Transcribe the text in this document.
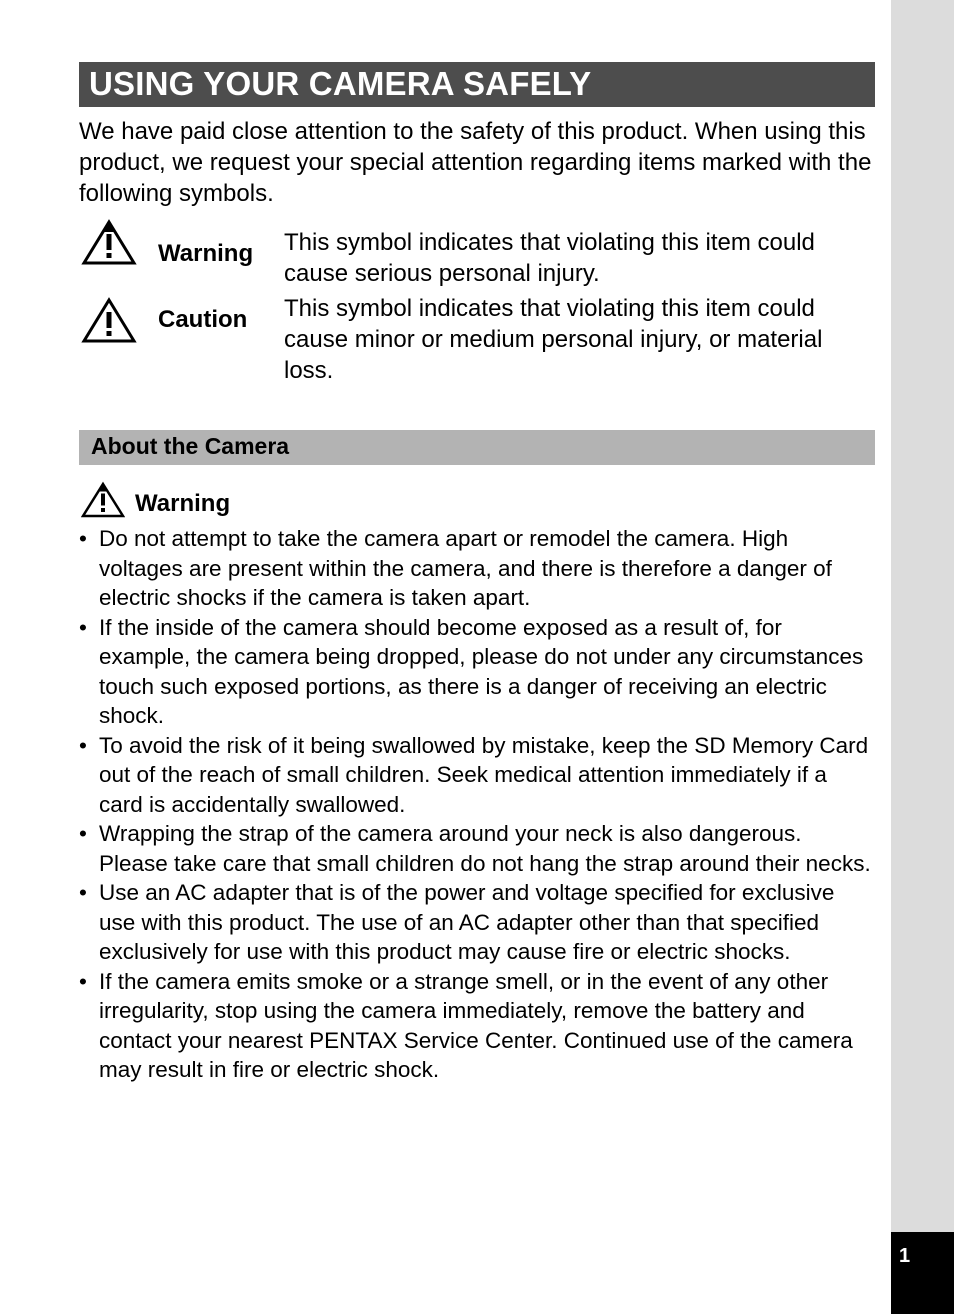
1
USING YOUR CAMERA SAFELY
We have paid close attention to the safety of this product. When using this product, we request your special attention regarding items marked with the following symbols.
Warning This symbol indicates that violating this item could cause serious personal injury.
Caution This symbol indicates that violating this item could cause minor or medium personal injury, or material loss.
About the Camera
Warning
• Do not attempt to take the camera apart or remodel the camera. High voltages are present within the camera, and there is therefore a danger of electric shocks if the camera is taken apart.
• If the inside of the camera should become exposed as a result of, for example, the camera being dropped, please do not under any circumstances touch such exposed portions, as there is a danger of receiving an electric shock.
• To avoid the risk of it being swallowed by mistake, keep the SD Memory Card out of the reach of small children. Seek medical attention immediately if a card is accidentally swallowed.
• Wrapping the strap of the camera around your neck is also dangerous. Please take care that small children do not hang the strap around their necks.
• Use an AC adapter that is of the power and voltage specified for exclusive use with this product. The use of an AC adapter other than that specified exclusively for use with this product may cause fire or electric shocks.
• If the camera emits smoke or a strange smell, or in the event of any other irregularity, stop using the camera immediately, remove the battery and contact your nearest PENTAX Service Center. Continued use of the camera may result in fire or electric shock.
